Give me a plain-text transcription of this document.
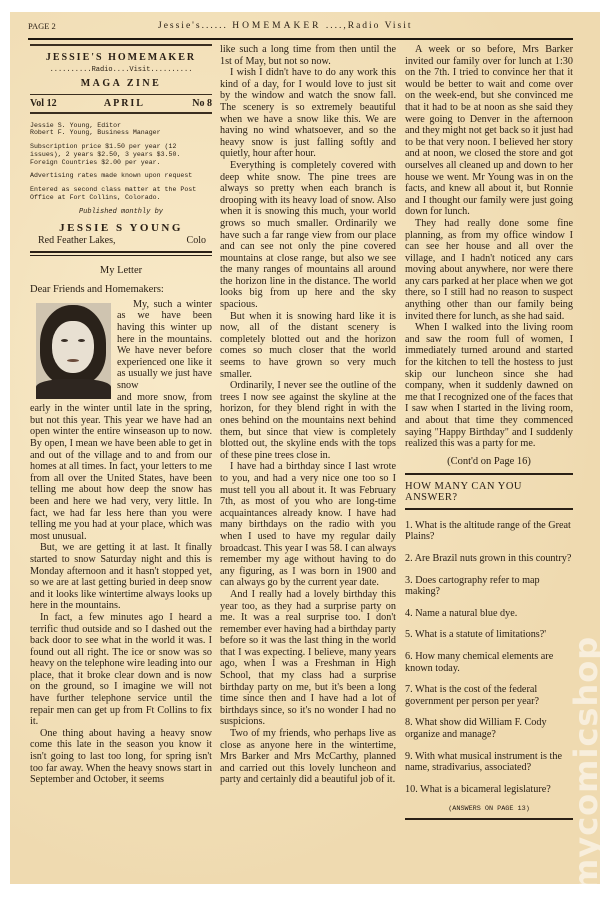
PAGE 2	Jessie's...... HOMEMAKER ....,Radio Visit
JESSIE'S HOMEMAKER
..........Radio....Visit..........
MAGA ZINE
Vol 12	APRIL	No 8
Jessie S. Young, Editor
Robert F. Young, Business Manager
Subscription price $1.50 per year (12 issues), 2 years $2.50, 3 years $3.50. Foreign Countries $2.00 per year.
Advertising rates made known upon request
Entered as second class matter at the Post Office at Fort Collins, Colorado.
Published monthly by
JESSIE S YOUNG
Red Feather Lakes,	Colo
My Letter
Dear Friends and Homemakers:

My, such a winter as we have been having this winter up here in the mountains. We have never before experienced one like it as usually we just have snow

and more snow, from early in the winter until late in the spring, but not this year. This year we have had an open winter the entire winseason up to now. By open, I mean we have been able to get in and out of the village and to and from our homes at all times. In fact, your letters to me from all over the United States, have been telling me about how deep the snow has been and here we had very, very little. In fact, we had far less here than you were telling me you had at your place, which was most unusual.

But, we are getting it at last. It finally started to snow Saturday night and this is Monday afternoon and it hasn't stopped yet, so we are at last getting buried in deep snow and it looks like wintertime always looks up here in the mountains.

In fact, a few minutes ago I heard a terrific thud outside and so I dashed out the back door to see what in the world it was. I found out all right. The ice or snow was so heavy on the telephone wire leading into our place, that it broke clear down and is now on the ground, so I imagine we will not have further telephone service until the repair men can get up from Ft Collins to fix it.

One thing about having a heavy snow come this late in the season you know it isn't going to last too long, for spring isn't too far away. When the heavy snows start in September and October, it seems

like such a long time from then until the 1st of May, but not so now.

I wish I didn't have to do any work this kind of a day, for I would love to just sit by the window and watch the snow fall. The scenery is so extremely beautiful when we have a snow like this. We are having no wind whatsoever, and so the heavy snow is just falling softly and quietly, hour after hour.

Everything is completely covered with deep white snow. The pine trees are always so pretty when each branch is drooping with its heavy load of snow. Also when it is snowing this much, your world grows so much smaller. Ordinarily we have such a far range view from our place and can see not only the pine covered mountains at close range, but also we see the many ranges of mountains all around the horizon line in the distance. The world looks big from up here and the sky spacious.

But when it is snowing hard like it is now, all of the distant scenery is completely blotted out and the horizon comes so much closer that the world seems to have grown so very much smaller.

Ordinarily, I never see the outline of the trees I now see against the skyline at the horizon, for they blend right in with the ones behind on the mountains next behind them, but since that view is completely blotted out, the skyline ends with the tops of these pine trees close in.

I have had a birthday since I last wrote to you, and had a very nice one too so I must tell you all about it. It was February 7th, as most of you who are long-time acquaintances already know. I have had many birthdays on the radio with you when I used to have my regular daily broadcast. This year I was 58. I can always remember my age without having to do any figuring, as I was born in 1900 and can always go by the current year date.

And I really had a lovely birthday this year too, as they had a surprise party on me. It was a real surprise too. I don't remember ever having had a birthday party before so it was the last thing in the world that I was expecting. I believe, many years ago, when I was a Freshman in High School, that my class had a surprise birthday party on me, but it's been a long time since then and I have had a lot of birthdays since, so it's no wonder I had no suspicions.

Two of my friends, who perhaps live as close as anyone here in the wintertime, Mrs Barker and Mrs McCarthy, planned and carried out this lovely luncheon and party and certainly did a beautiful job of it.

A week or so before, Mrs Barker invited our family over for lunch at 1:30 on the 7th. I tried to convince her that it would be better to wait and come over on the week-end, but she convinced me that it had to be at noon as she said they were going to Denver in the afternoon and they might not get back so it just had to be that very noon. I believed her story and at noon, we closed the store and got ourselves all cleaned up and down to her house we went. Mr Young was in on the facts, and knew all about it, but Ronnie and I thought our family were just going down for lunch.

They had really done some fine planning, as from my office window I can see her house and all over the village, and I hadn't noticed any cars moving about anywhere, nor were there any cars parked at her place when we got there, so I still had no reason to suspect anything other than our family being invited there for lunch, as she had said.

When I walked into the living room and saw the room full of women, I immediately turned around and started for the kitchen to tell the hostess to just skip our luncheon since she had company, when it suddenly dawned on me that I recognized one of the faces that I saw when I started in the living room, and about that time they commenced saying "Happy Birthday" and I suddenly realized this was a party for me.

(Cont'd on Page 16)
HOW MANY CAN YOU ANSWER?
1. What is the altitude range of the Great Plains?
2. Are Brazil nuts grown in this country?
3. Does cartography refer to map making?
4. Name a natural blue dye.
5. What is a statute of limitations?'
6. How many chemical elements are known today.
7. What is the cost of the federal government per person per year?
8. What show did William F. Cody organize and manage?
9. With what musical instrument is the name, stradivarius, associated?
10. What is a bicameral legislature?
(ANSWERS ON PAGE 13)	mycomicshop
